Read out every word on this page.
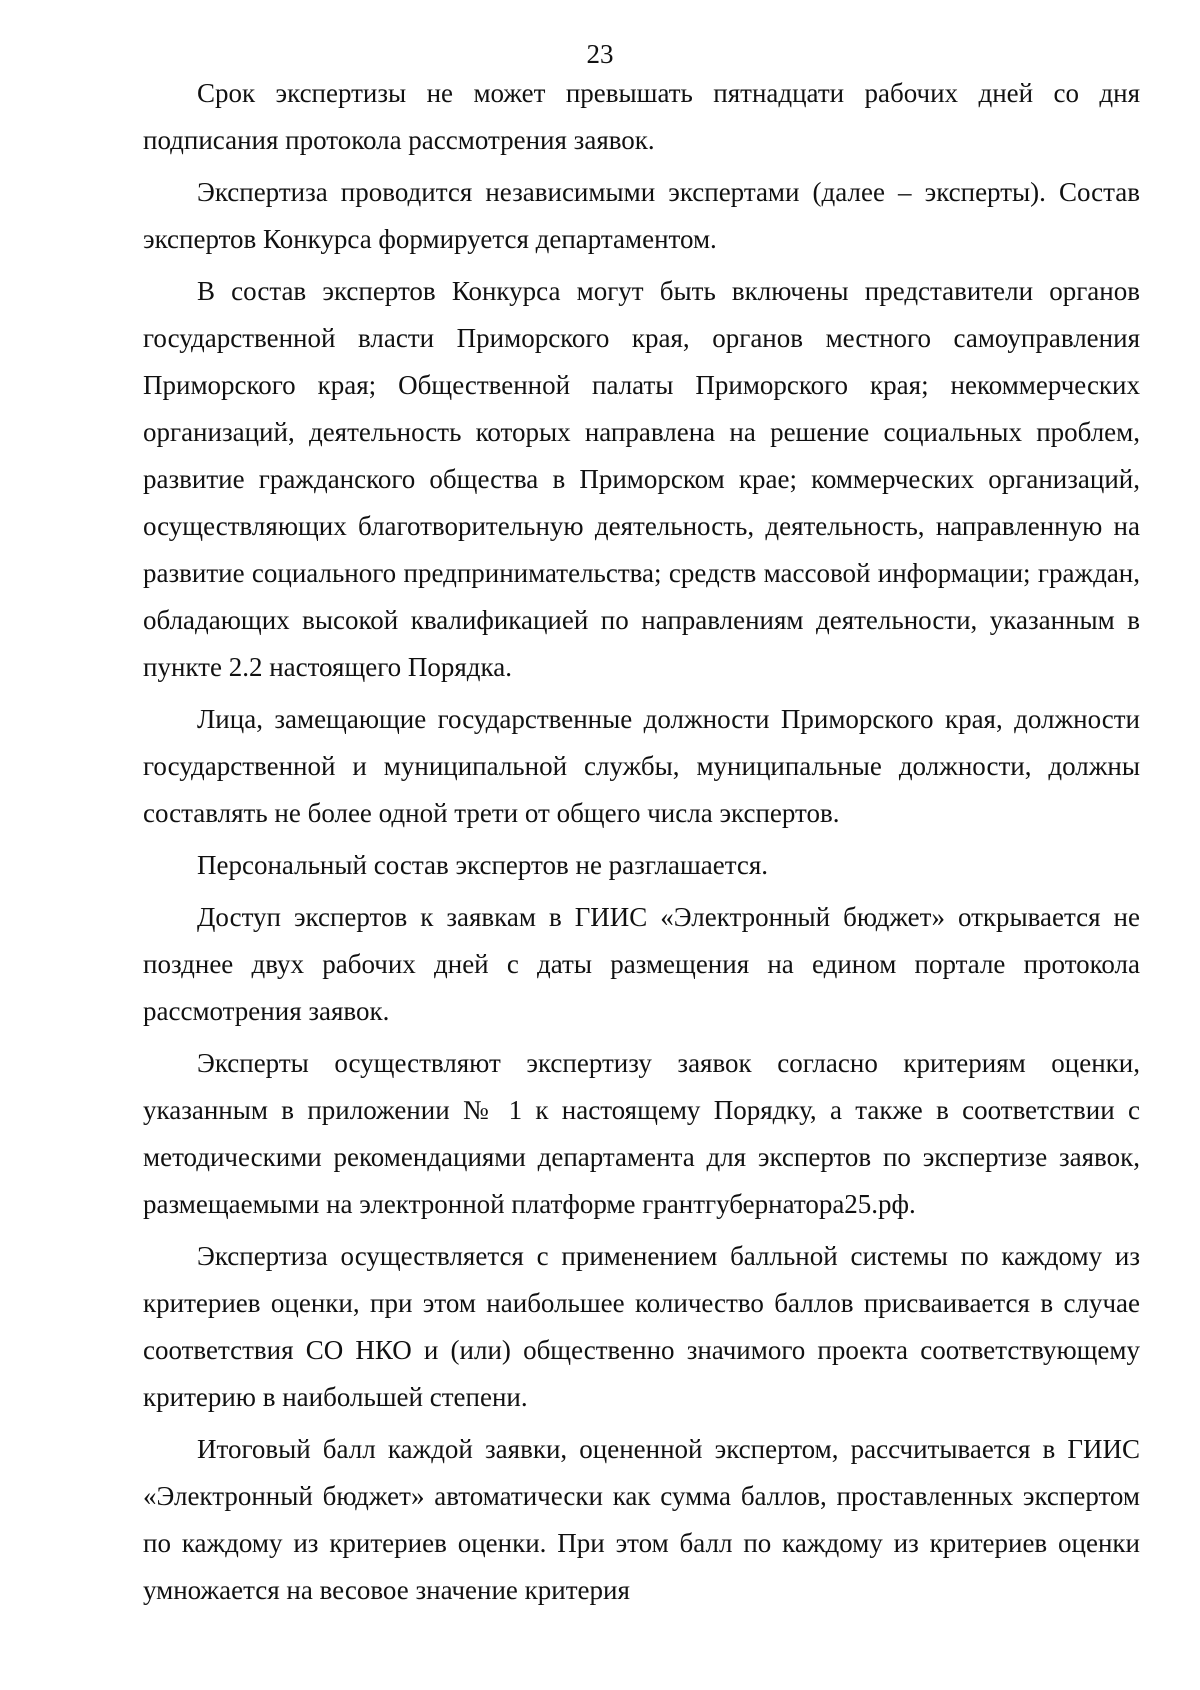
23

Срок экспертизы не может превышать пятнадцати рабочих дней со дня подписания протокола рассмотрения заявок.

Экспертиза проводится независимыми экспертами (далее – эксперты). Состав экспертов Конкурса формируется департаментом.

В состав экспертов Конкурса могут быть включены представители органов государственной власти Приморского края, органов местного самоуправления Приморского края; Общественной палаты Приморского края; некоммерческих организаций, деятельность которых направлена на решение социальных проблем, развитие гражданского общества в Приморском крае; коммерческих организаций, осуществляющих благотворительную деятельность, деятельность, направленную на развитие социального предпринимательства; средств массовой информации; граждан, обладающих высокой квалификацией по направлениям деятельности, указанным в пункте 2.2 настоящего Порядка.

Лица, замещающие государственные должности Приморского края, должности государственной и муниципальной службы, муниципальные должности, должны составлять не более одной трети от общего числа экспертов.

Персональный состав экспертов не разглашается.

Доступ экспертов к заявкам в ГИИС «Электронный бюджет» открывается не позднее двух рабочих дней с даты размещения на едином портале протокола рассмотрения заявок.

Эксперты осуществляют экспертизу заявок согласно критериям оценки, указанным в приложении № 1 к настоящему Порядку, а также в соответствии с методическими рекомендациями департамента для экспертов по экспертизе заявок, размещаемыми на электронной платформе грантгубернатора25.рф.

Экспертиза осуществляется с применением балльной системы по каждому из критериев оценки, при этом наибольшее количество баллов присваивается в случае соответствия СО НКО и (или) общественно значимого проекта соответствующему критерию в наибольшей степени.

Итоговый балл каждой заявки, оцененной экспертом, рассчитывается в ГИИС «Электронный бюджет» автоматически как сумма баллов, проставленных экспертом по каждому из критериев оценки. При этом балл по каждому из критериев оценки умножается на весовое значение критерия
